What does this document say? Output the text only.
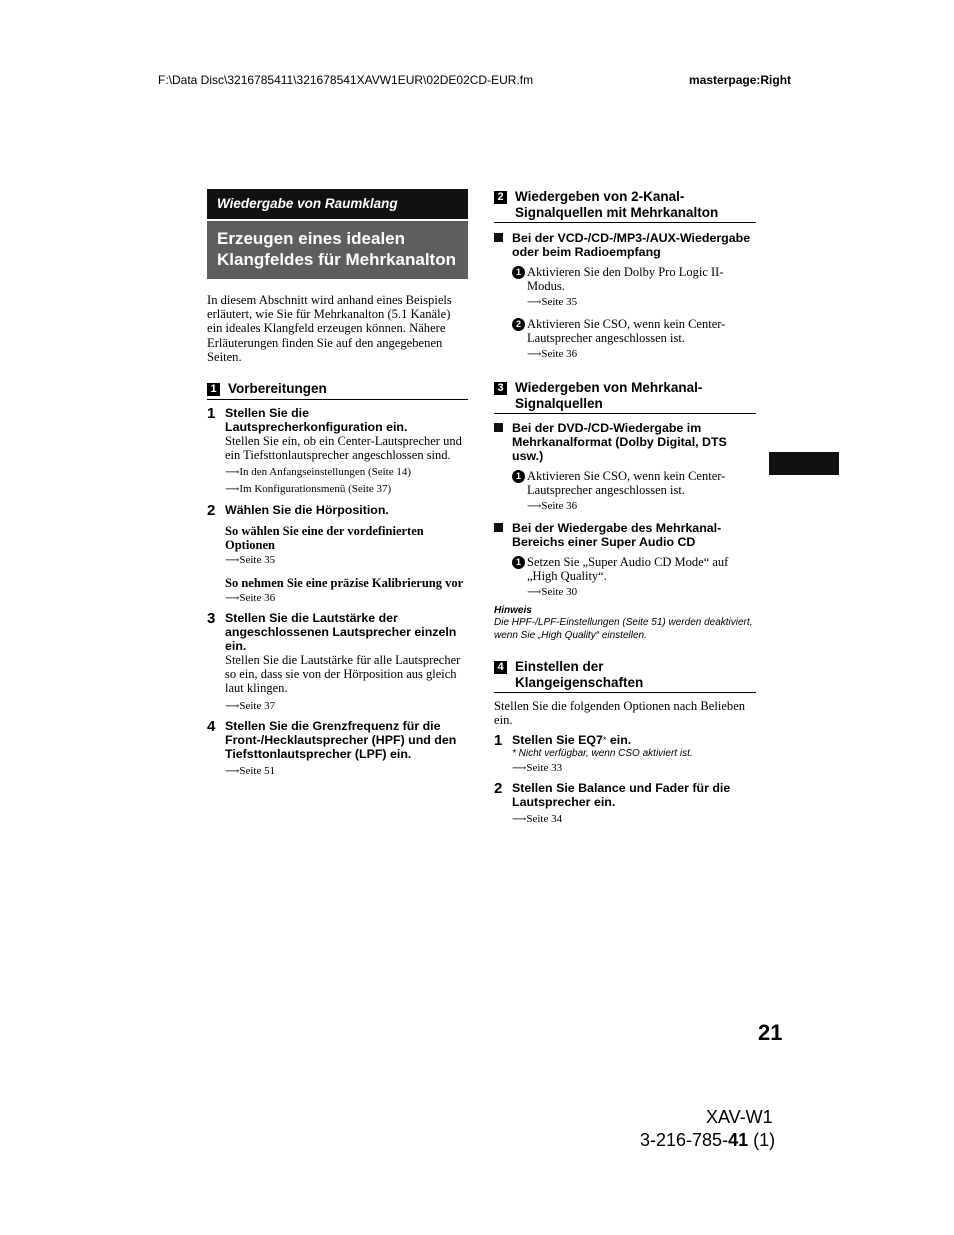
F:\Data Disc\3216785411\321678541XAVW1EUR\02DE02CD-EUR.fm	masterpage:Right
Wiedergabe von Raumklang
Erzeugen eines idealen
Klangfeldes für Mehrkanalton
In diesem Abschnitt wird anhand eines Beispiels erläutert, wie Sie für Mehrkanalton (5.1 Kanäle) ein ideales Klangfeld erzeugen können. Nähere Erläuterungen finden Sie auf den angegebenen Seiten.
1 Vorbereitungen
1 Stellen Sie die Lautsprecherkonfiguration ein.
Stellen Sie ein, ob ein Center-Lautsprecher und ein Tiefsttonlautsprecher angeschlossen sind.
⟶In den Anfangseinstellungen (Seite 14)
⟶Im Konfigurationsmenü (Seite 37)
2 Wählen Sie die Hörposition.
So wählen Sie eine der vordefinierten Optionen
⟶Seite 35
So nehmen Sie eine präzise Kalibrierung vor
⟶Seite 36
3 Stellen Sie die Lautstärke der angeschlossenen Lautsprecher einzeln ein.
Stellen Sie die Lautstärke für alle Lautsprecher so ein, dass sie von der Hörposition aus gleich laut klingen.
⟶Seite 37
4 Stellen Sie die Grenzfrequenz für die Front-/Hecklautsprecher (HPF) und den Tiefsttonlautsprecher (LPF) ein.
⟶Seite 51
2 Wiedergeben von 2-Kanal-
Signalquellen mit Mehrkanalton
Bei der VCD-/CD-/MP3-/AUX-Wiedergabe oder beim Radioempfang
1 Aktivieren Sie den Dolby Pro Logic II-Modus.
⟶Seite 35
2 Aktivieren Sie CSO, wenn kein Center-Lautsprecher angeschlossen ist.
⟶Seite 36
3 Wiedergeben von Mehrkanal-
Signalquellen
Bei der DVD-/CD-Wiedergabe im Mehrkanalformat (Dolby Digital, DTS usw.)
1 Aktivieren Sie CSO, wenn kein Center-Lautsprecher angeschlossen ist.
⟶Seite 36
Bei der Wiedergabe des Mehrkanal-Bereichs einer Super Audio CD
1 Setzen Sie „Super Audio CD Mode“ auf „High Quality“.
⟶Seite 30
Hinweis
Die HPF-/LPF-Einstellungen (Seite 51) werden deaktiviert, wenn Sie „High Quality“ einstellen.
4 Einstellen der
Klangeigenschaften
Stellen Sie die folgenden Optionen nach Belieben ein.
1 Stellen Sie EQ7* ein.
* Nicht verfügbar, wenn CSO aktiviert ist.
⟶Seite 33
2 Stellen Sie Balance und Fader für die Lautsprecher ein.
⟶Seite 34
21
XAV-W1
3-216-785-41 (1)
